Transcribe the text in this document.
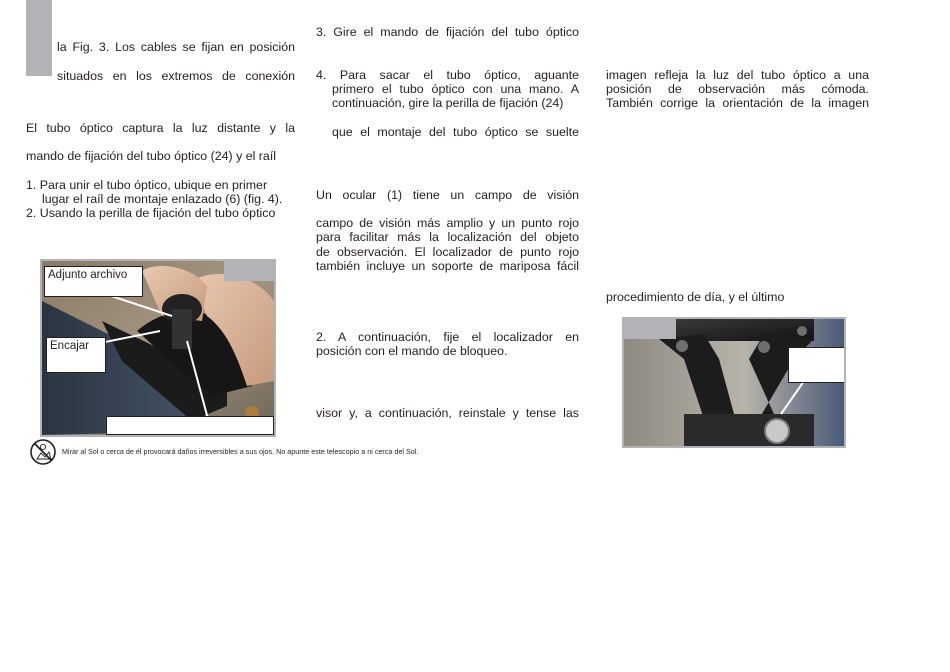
la Fig. 3. Los cables se fijan en posición
situados en los extremos de conexión
El tubo óptico captura la luz distante y la
mando de fijación del tubo óptico (24) y el raíl
1. Para unir el tubo óptico, ubique en primer
lugar el raíl de montaje enlazado (6) (fig. 4).
2. Usando la perilla de fijación del tubo óptico
Adjunto archivo
Encajar
3. Gire el mando de fijación del tubo óptico
4. Para sacar el tubo óptico, aguante
primero el tubo óptico con una mano. A
continuación, gire la perilla de fijación (24)
que el montaje del tubo óptico se suelte
Un ocular (1) tiene un campo de visión
campo de visión más amplio y un punto rojo
para facilitar más la localización del objeto
de observación. El localizador de punto rojo
también incluye un soporte de mariposa fácil
2. A continuación, fije el localizador en
posición con el mando de bloqueo.
visor y, a continuación, reinstale y tense las
imagen refleja la luz del tubo óptico a una
posición de observación más cómoda.
También corrige la orientación de la imagen
procedimiento de día, y el último
Mirar al Sol o cerca de él provocará daños irreversibles a sus ojos. No apunte este telescopio a ni cerca del Sol.
